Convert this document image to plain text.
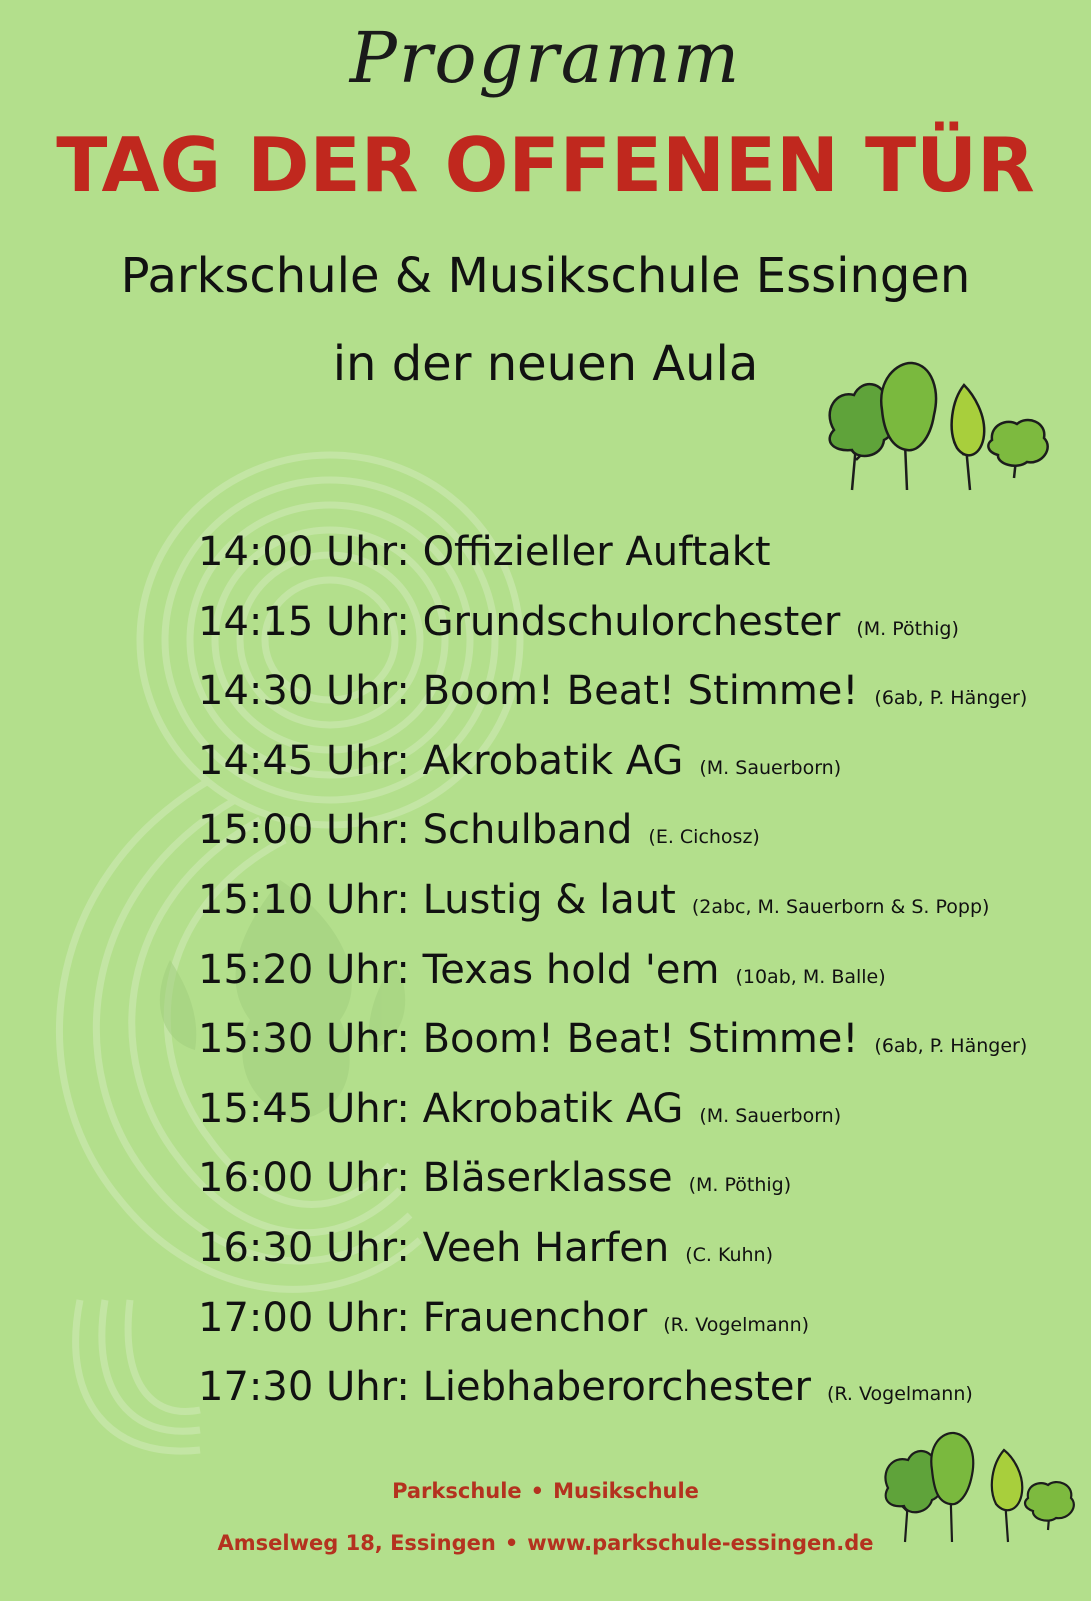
Programm
TAG DER OFFENEN TÜR
Parkschule & Musikschule Essingen
in der neuen Aula
14:00 Uhr: Offizieller Auftakt
14:15 Uhr: Grundschulorchester (M. Pöthig)
14:30 Uhr: Boom! Beat! Stimme! (6ab, P. Hänger)
14:45 Uhr: Akrobatik AG (M. Sauerborn)
15:00 Uhr: Schulband (E. Cichosz)
15:10 Uhr: Lustig & laut (2abc, M. Sauerborn & S. Popp)
15:20 Uhr: Texas hold 'em (10ab, M. Balle)
15:30 Uhr: Boom! Beat! Stimme! (6ab, P. Hänger)
15:45 Uhr: Akrobatik AG (M. Sauerborn)
16:00 Uhr: Bläserklasse (M. Pöthig)
16:30 Uhr: Veeh Harfen (C. Kuhn)
17:00 Uhr: Frauenchor (R. Vogelmann)
17:30 Uhr: Liebhaberorchester (R. Vogelmann)
Parkschule • Musikschule
Amselweg 18, Essingen • www.parkschule-essingen.de
